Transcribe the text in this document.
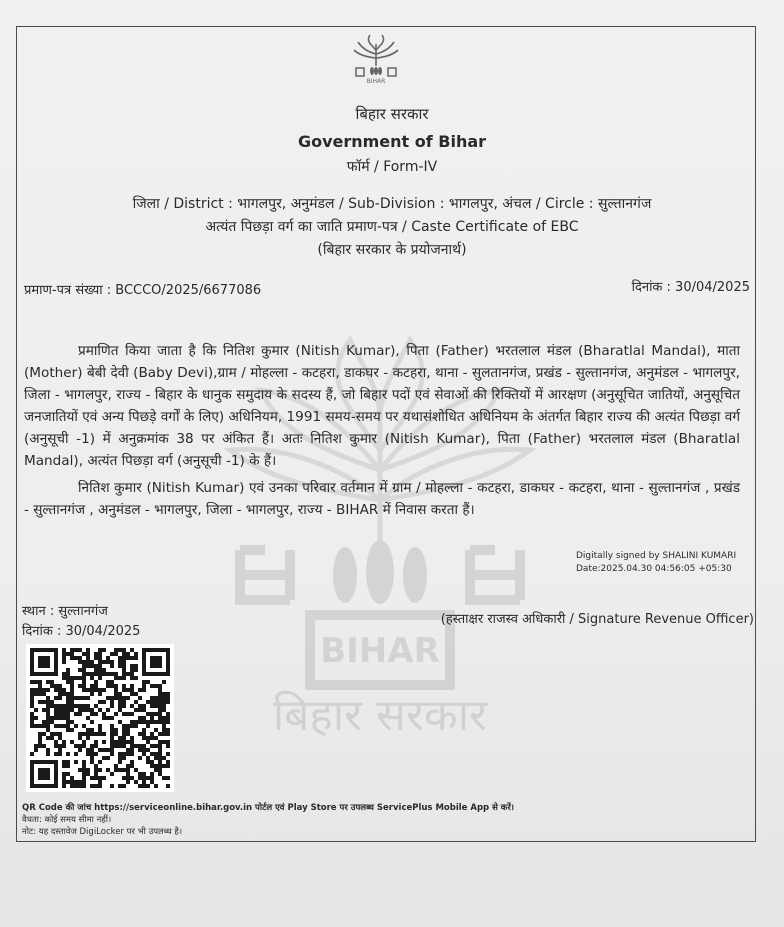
BIHAR
बिहार सरकार
BIHAR
बिहार सरकार
Government of Bihar
फॉर्म / Form-IV
जिला / District : भागलपुर, अनुमंडल / Sub-Division : भागलपुर, अंचल / Circle : सुल्तानगंज
अत्यंत पिछड़ा वर्ग का जाति प्रमाण-पत्र / Caste Certificate of EBC
(बिहार सरकार के प्रयोजनार्थ)
प्रमाण-पत्र संख्या : BCCCO/2025/6677086	दिनांक : 30/04/2025
प्रमाणित किया जाता है कि नितिश कुमार (Nitish Kumar), पिता (Father) भरतलाल मंडल (Bharatlal Mandal), माता (Mother) बेबी देवी (Baby Devi),ग्राम / मोहल्ला - कटहरा, डाकघर - कटहरा, थाना - सुलतानगंज, प्रखंड - सुल्तानगंज, अनुमंडल - भागलपुर, जिला - भागलपुर, राज्य - बिहार के धानुक समुदाय के सदस्य हैं, जो बिहार पदों एवं सेवाओं की रिक्तियों में आरक्षण (अनुसूचित जातियों, अनुसूचित जनजातियों एवं अन्य पिछड़े वर्गों के लिए) अधिनियम, 1991 समय-समय पर यथासंशोधित अधिनियम के अंतर्गत बिहार राज्य की अत्यंत पिछड़ा वर्ग (अनुसूची -1) में अनुक्रमांक 38 पर अंकित हैं। अतः नितिश कुमार (Nitish Kumar), पिता (Father) भरतलाल मंडल (Bharatlal Mandal), अत्यंत पिछड़ा वर्ग (अनुसूची -1) के हैं।
नितिश कुमार (Nitish Kumar) एवं उनका परिवार वर्तमान में ग्राम / मोहल्ला - कटहरा, डाकघर - कटहरा, थाना - सुल्तानगंज , प्रखंड - सुल्तानगंज , अनुमंडल - भागलपुर, जिला - भागलपुर, राज्य - BIHAR में निवास करता हैं।
Digitally signed by SHALINI KUMARI
Date:2025.04.30 04:56:05 +05:30
स्थान : सुल्तानगंज
दिनांक : 30/04/2025
(हस्ताक्षर राजस्व अधिकारी / Signature Revenue Officer)
QR Code की जांच https://serviceonline.bihar.gov.in पोर्टल एवं Play Store पर उपलब्ध ServicePlus Mobile App से करें।
वैधता: कोई समय सीमा नहीं।
नोट: यह दस्तावेज DigiLocker पर भी उपलब्ध है।
